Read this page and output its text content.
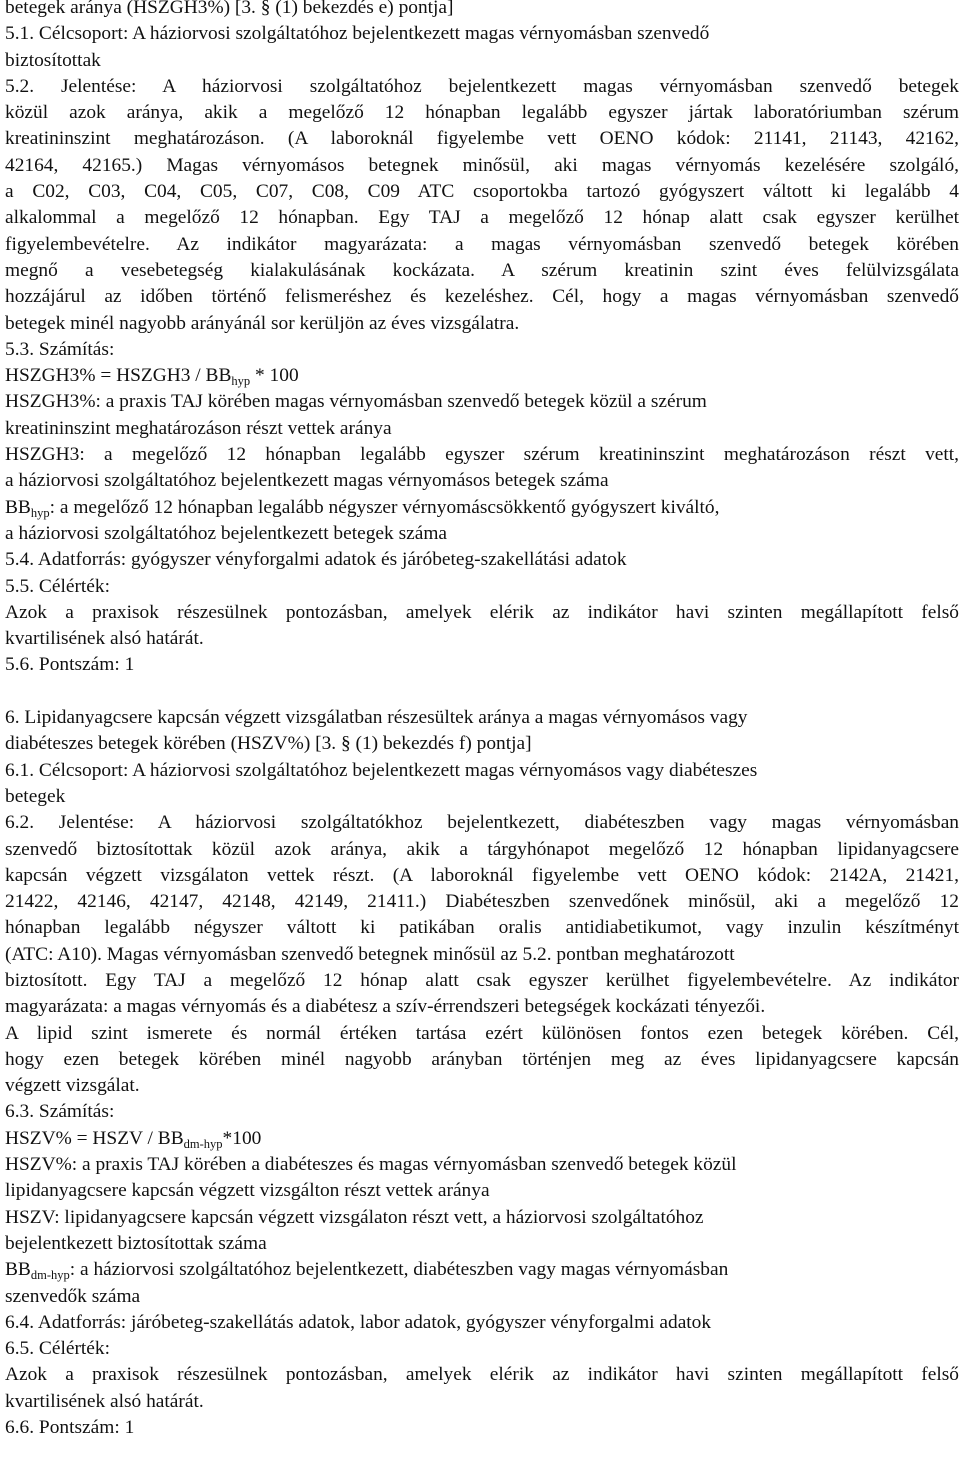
betegek aránya (HSZGH3%) [3. § (1) bekezdés e) pontja]

5.1. Célcsoport: A háziorvosi szolgáltatóhoz bejelentkezett magas vérnyomásban szenvedő

biztosítottak

5.2. Jelentése: A háziorvosi szolgáltatóhoz bejelentkezett magas vérnyomásban szenvedő betegek

közül azok aránya, akik a megelőző 12 hónapban legalább egyszer jártak laboratóriumban szérum

kreatininszint meghatározáson. (A laboroknál figyelembe vett OENO kódok: 21141, 21143, 42162,

42164, 42165.) Magas vérnyomásos betegnek minősül, aki magas vérnyomás kezelésére szolgáló,

a C02, C03, C04, C05, C07, C08, C09 ATC csoportokba tartozó gyógyszert váltott ki legalább 4

alkalommal a megelőző 12 hónapban. Egy TAJ a megelőző 12 hónap alatt csak egyszer kerülhet

figyelembevételre. Az indikátor magyarázata: a magas vérnyomásban szenvedő betegek körében

megnő a vesebetegség kialakulásának kockázata. A szérum kreatinin szint éves felülvizsgálata

hozzájárul az időben történő felismeréshez és kezeléshez. Cél, hogy a magas vérnyomásban szenvedő

betegek minél nagyobb arányánál sor kerüljön az éves vizsgálatra.

5.3. Számítás:

HSZGH3% = HSZGH3 / $BB_{hyp} * 100$

HSZGH3%: a praxis TAJ körében magas vérnyomásban szenvedő betegek közül a szérum

kreatininszint meghatározáson részt vettek aránya

HSZGH3: a megelőző 12 hónapban legalább egyszer szérum kreatininszint meghatározáson részt vett,

a háziorvosi szolgáltatóhoz bejelentkezett magas vérnyomásos betegek száma

$BB_{hyp}$: a megelőző 12 hónapban legalább négyszer vérnyomáscsökkentő gyógyszert kiváltó,

a háziorvosi szolgáltatóhoz bejelentkezett betegek száma

5.4. Adatforrás: gyógyszer vényforgalmi adatok és járóbeteg-szakellátási adatok

5.5. Célérték:

Azok a praxisok részesülnek pontozásban, amelyek elérik az indikátor havi szinten megállapított felső

kvartilisének alsó határát.

5.6. Pontszám: 1

6. Lipidanyagcsere kapcsán végzett vizsgálatban részesültek aránya a magas vérnyomásos vagy

diabéteszes betegek körében (HSZV%) [3. § (1) bekezdés f) pontja]

6.1. Célcsoport: A háziorvosi szolgáltatóhoz bejelentkezett magas vérnyomásos vagy diabéteszes

betegek

6.2. Jelentése: A háziorvosi szolgáltatókhoz bejelentkezett, diabéteszben vagy magas vérnyomásban

szenvedő biztosítottak közül azok aránya, akik a tárgyhónapot megelőző 12 hónapban lipidanyagcsere

kapcsán végzett vizsgálaton vettek részt. (A laboroknál figyelembe vett OENO kódok: 2142A, 21421,

21422, 42146, 42147, 42148, 42149, 21411.) Diabéteszben szenvedőnek minősül, aki a megelőző 12

hónapban legalább négyszer váltott ki patikában oralis antidiabetikumot, vagy inzulin készítményt

(ATC: A10). Magas vérnyomásban szenvedő betegnek minősül az 5.2. pontban meghatározott

biztosított. Egy TAJ a megelőző 12 hónap alatt csak egyszer kerülhet figyelembevételre. Az indikátor

magyarázata: a magas vérnyomás és a diabétesz a szív-érrendszeri betegségek kockázati tényezői.

A lipid szint ismerete és normál értéken tartása ezért különösen fontos ezen betegek körében. Cél,

hogy ezen betegek körében minél nagyobb arányban történjen meg az éves lipidanyagcsere kapcsán

végzett vizsgálat.

6.3. Számítás:

HSZV% = HSZV / $BB_{dm-hyp}*100$

HSZV%: a praxis TAJ körében a diabéteszes és magas vérnyomásban szenvedő betegek közül

lipidanyagcsere kapcsán végzett vizsgálton részt vettek aránya

HSZV: lipidanyagcsere kapcsán végzett vizsgálaton részt vett, a háziorvosi szolgáltatóhoz

bejelentkezett biztosítottak száma

$BB_{dm-hyp}$: a háziorvosi szolgáltatóhoz bejelentkezett, diabéteszben vagy magas vérnyomásban

szenvedők száma

6.4. Adatforrás: járóbeteg-szakellátás adatok, labor adatok, gyógyszer vényforgalmi adatok

6.5. Célérték:

Azok a praxisok részesülnek pontozásban, amelyek elérik az indikátor havi szinten megállapított felső

kvartilisének alsó határát.

6.6. Pontszám: 1
